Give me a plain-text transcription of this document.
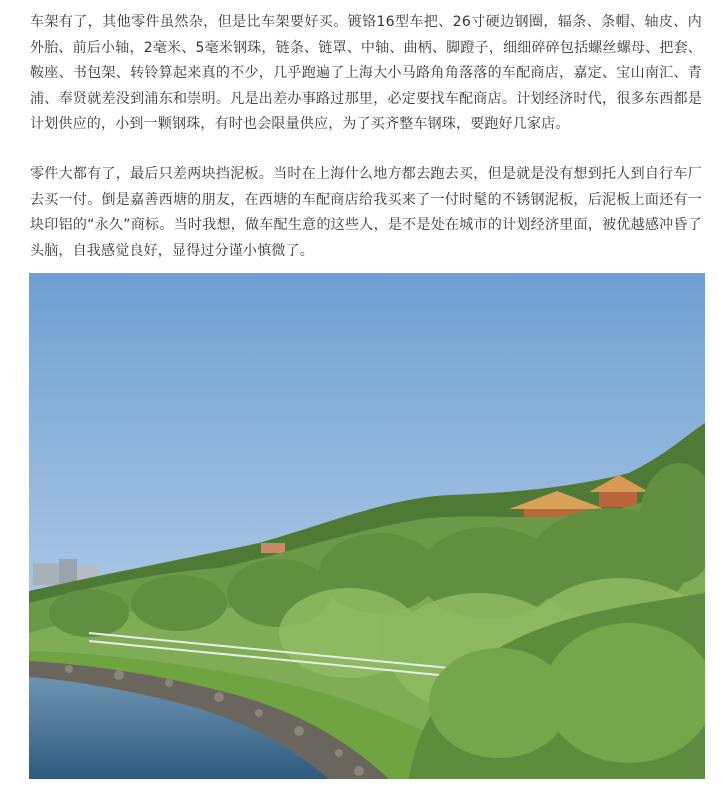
车架有了，其他零件虽然杂，但是比车架要好买。镀铬16型车把、26寸硬边钢圈，辐条、条帽、轴皮、内外胎、前后小轴，2毫米、5毫米钢珠，链条、链罩、中轴、曲柄、脚蹬子，细细碎碎包括螺丝螺母、把套、鞍座、书包架、转铃算起来真的不少，几乎跑遍了上海大小马路角角落落的车配商店，嘉定、宝山南汇、青浦、奉贤就差没到浦东和崇明。凡是出差办事路过那里，必定要找车配商店。计划经济时代，很多东西都是计划供应的，小到一颗钢珠，有时也会限量供应，为了买齐整车钢珠，要跑好几家店。

零件大都有了，最后只差两块挡泥板。当时在上海什么地方都去跑去买，但是就是没有想到托人到自行车厂去买一付。倒是嘉善西塘的朋友，在西塘的车配商店给我买来了一付时髦的不锈钢泥板，后泥板上面还有一块印铝的“永久”商标。当时我想，做车配生意的这些人，是不是处在城市的计划经济里面，被优越感冲昏了头脑，自我感觉良好，显得过分谨小慎微了。
